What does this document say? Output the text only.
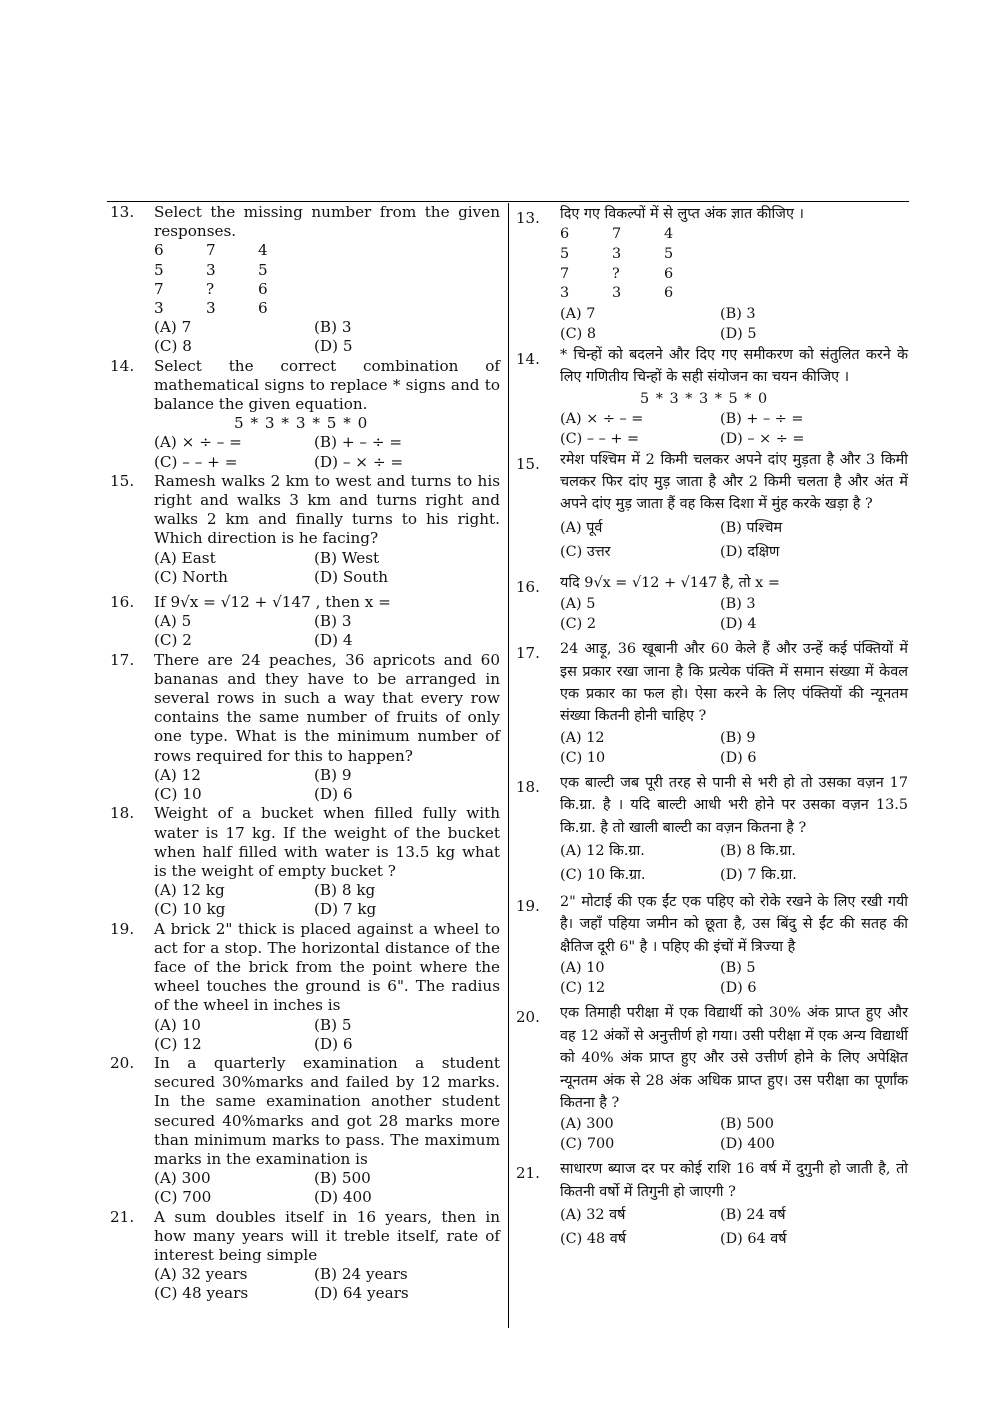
13. Select the missing number from the given responses.
6	7	4
5	3	5
7	?	6
3	3	6
(A) 7	(B) 3
(C) 8	(D) 5
14. Select the correct combination of mathematical signs to replace * signs and to balance the given equation.
5 * 3 * 3 * 5 * 0
(A) × ÷ – =	(B) + – ÷ =
(C) – – + =	(D) – × ÷ =
15. Ramesh walks 2 km to west and turns to his right and walks 3 km and turns right and walks 2 km and finally turns to his right. Which direction is he facing?
(A) East	(B) West
(C) North	(D) South
16. If 9√x = √12 + √147 , then x =
(A) 5	(B) 3
(C) 2	(D) 4
17. There are 24 peaches, 36 apricots and 60 bananas and they have to be arranged in several rows in such a way that every row contains the same number of fruits of only one type. What is the minimum number of rows required for this to happen?
(A) 12	(B) 9
(C) 10	(D) 6
18. Weight of a bucket when filled fully with water is 17 kg. If the weight of the bucket when half filled with water is 13.5 kg what is the weight of empty bucket ?
(A) 12 kg	(B) 8 kg
(C) 10 kg	(D) 7 kg
19. A brick 2" thick is placed against a wheel to act for a stop. The horizontal distance of the face of the brick from the point where the wheel touches the ground is 6". The radius of the wheel in inches is
(A) 10	(B) 5
(C) 12	(D) 6
20. In a quarterly examination a student secured 30%marks and failed by 12 marks. In the same examination another student secured 40%marks and got 28 marks more than minimum marks to pass. The maximum marks in the examination is
(A) 300	(B) 500
(C) 700	(D) 400
21. A sum doubles itself in 16 years, then in how many years will it treble itself, rate of interest being simple
(A) 32 years	(B) 24 years
(C) 48 years	(D) 64 years
13. दिए गए विकल्पों में से लुप्त अंक ज्ञात कीजिए ।
6	7	4
5	3	5
7	?	6
3	3	6
(A) 7	(B) 3
(C) 8	(D) 5
14. * चिन्हों को बदलने और दिए गए समीकरण को संतुलित करने के लिए गणितीय चिन्हों के सही संयोजन का चयन कीजिए ।
5 * 3 * 3 * 5 * 0
(A) × ÷ – =	(B) + – ÷ =
(C) – – + =	(D) – × ÷ =
15. रमेश पश्चिम में 2 किमी चलकर अपने दांए मुड़ता है और 3 किमी चलकर फिर दांए मुड़ जाता है और 2 किमी चलता है और अंत में अपने दांए मुड़ जाता हैं वह किस दिशा में मुंह करके खड़ा है ?
(A) पूर्व	(B) पश्चिम
(C) उत्तर	(D) दक्षिण
16. यदि 9√x = √12 + √147 है, तो x =
(A) 5	(B) 3
(C) 2	(D) 4
17. 24 आड़ू, 36 खूबानी और 60 केले हैं और उन्हें कई पंक्तियों में इस प्रकार रखा जाना है कि प्रत्येक पंक्ति में समान संख्या में केवल एक प्रकार का फल हो। ऐसा करने के लिए पंक्तियों की न्यूनतम संख्या कितनी होनी चाहिए ?
(A) 12	(B) 9
(C) 10	(D) 6
18. एक बाल्टी जब पूरी तरह से पानी से भरी हो तो उसका वज़न 17 कि.ग्रा. है । यदि बाल्टी आधी भरी होने पर उसका वज़न 13.5 कि.ग्रा. है तो खाली बाल्टी का वज़न कितना है ?
(A) 12 कि.ग्रा.	(B) 8 कि.ग्रा.
(C) 10 कि.ग्रा.	(D) 7 कि.ग्रा.
19. 2" मोटाई की एक ईंट एक पहिए को रोके रखने के लिए रखी गयी है। जहाँ पहिया जमीन को छूता है, उस बिंदु से ईंट की सतह की क्षैतिज दूरी 6" है । पहिए की इंचों में त्रिज्या है
(A) 10	(B) 5
(C) 12	(D) 6
20. एक तिमाही परीक्षा में एक विद्यार्थी को 30% अंक प्राप्त हुए और वह 12 अंकों से अनुत्तीर्ण हो गया। उसी परीक्षा में एक अन्य विद्यार्थी को 40% अंक प्राप्त हुए और उसे उत्तीर्ण होने के लिए अपेक्षित न्यूनतम अंक से 28 अंक अधिक प्राप्त हुए। उस परीक्षा का पूर्णांक कितना है ?
(A) 300	(B) 500
(C) 700	(D) 400
21. साधारण ब्याज दर पर कोई राशि 16 वर्ष में दुगुनी हो जाती है, तो कितनी वर्षो में तिगुनी हो जाएगी ?
(A) 32 वर्ष	(B) 24 वर्ष
(C) 48 वर्ष	(D) 64 वर्ष
